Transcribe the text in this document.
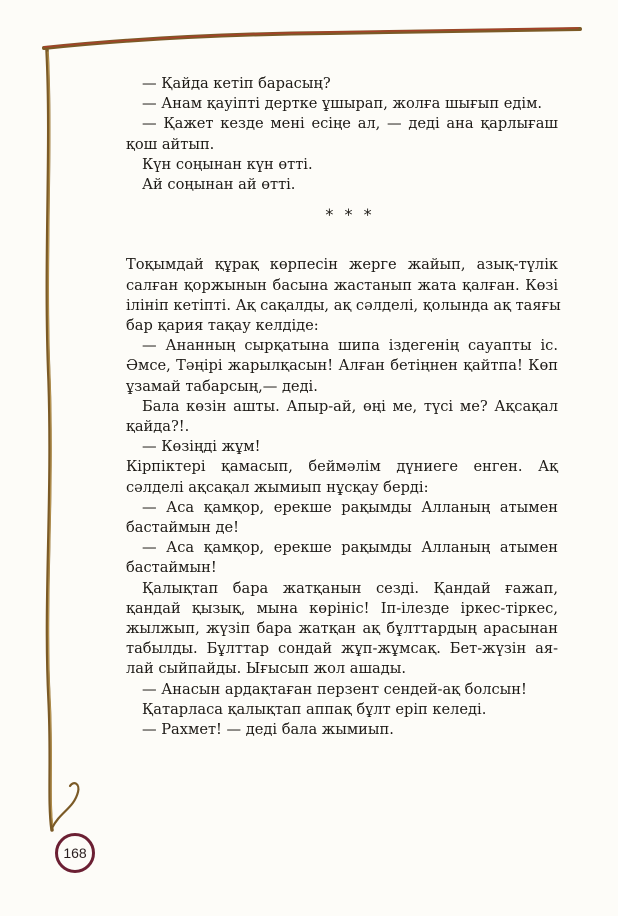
— Қайда кетіп барасың?
— Анам қауіпті дертке ұшырап, жолға шығып едім.
— Қажет кезде мені есіңе ал, — деді ана қарлығаш
қош айтып.
Күн соңынан күн өтті.
Ай соңынан ай өтті.
* * *
Тоқымдай құрақ көрпесін жерге жайып, азық-түлік
салған қоржынын басына жастанып жата қалған. Көзі
ілініп кетіпті. Ақ сақалды, ақ сәлделі, қолында ақ таяғы
бар қария тақау келдіде:
— Ананның сырқатына шипа іздегенің сауапты іс.
Әмсе, Тәңірі жарылқасын! Алған бетіңнен қайтпа! Көп
ұзамай табарсың,— деді.
Бала көзін ашты. Апыр-ай, өңі ме, түсі ме? Ақсақал
қайда?!.
— Көзіңді жұм!
Кірпіктері қамасып, беймәлім дүниеге енген. Ақ
сәлделі ақсақал жымиып нұсқау берді:
— Аса қамқор, ерекше рақымды Алланың атымен
бастаймын де!
— Аса қамқор, ерекше рақымды Алланың атымен
бастаймын!
Қалықтап бара жатқанын сезді. Қандай ғажап,
қандай қызық, мына көрініс! Іп-ілезде іркес-тіркес,
жылжып, жүзіп бара жатқан ақ бұлттардың арасынан
табылды. Бұлттар сондай жұп-жұмсақ. Бет-жүзін ая-
лай сыйпайды. Ығысып жол ашады.
— Анасын ардақтаған перзент сендей-ақ болсын!
Қатарласа қалықтап аппақ бұлт еріп келеді.
— Рахмет! — деді бала жымиып.
168
